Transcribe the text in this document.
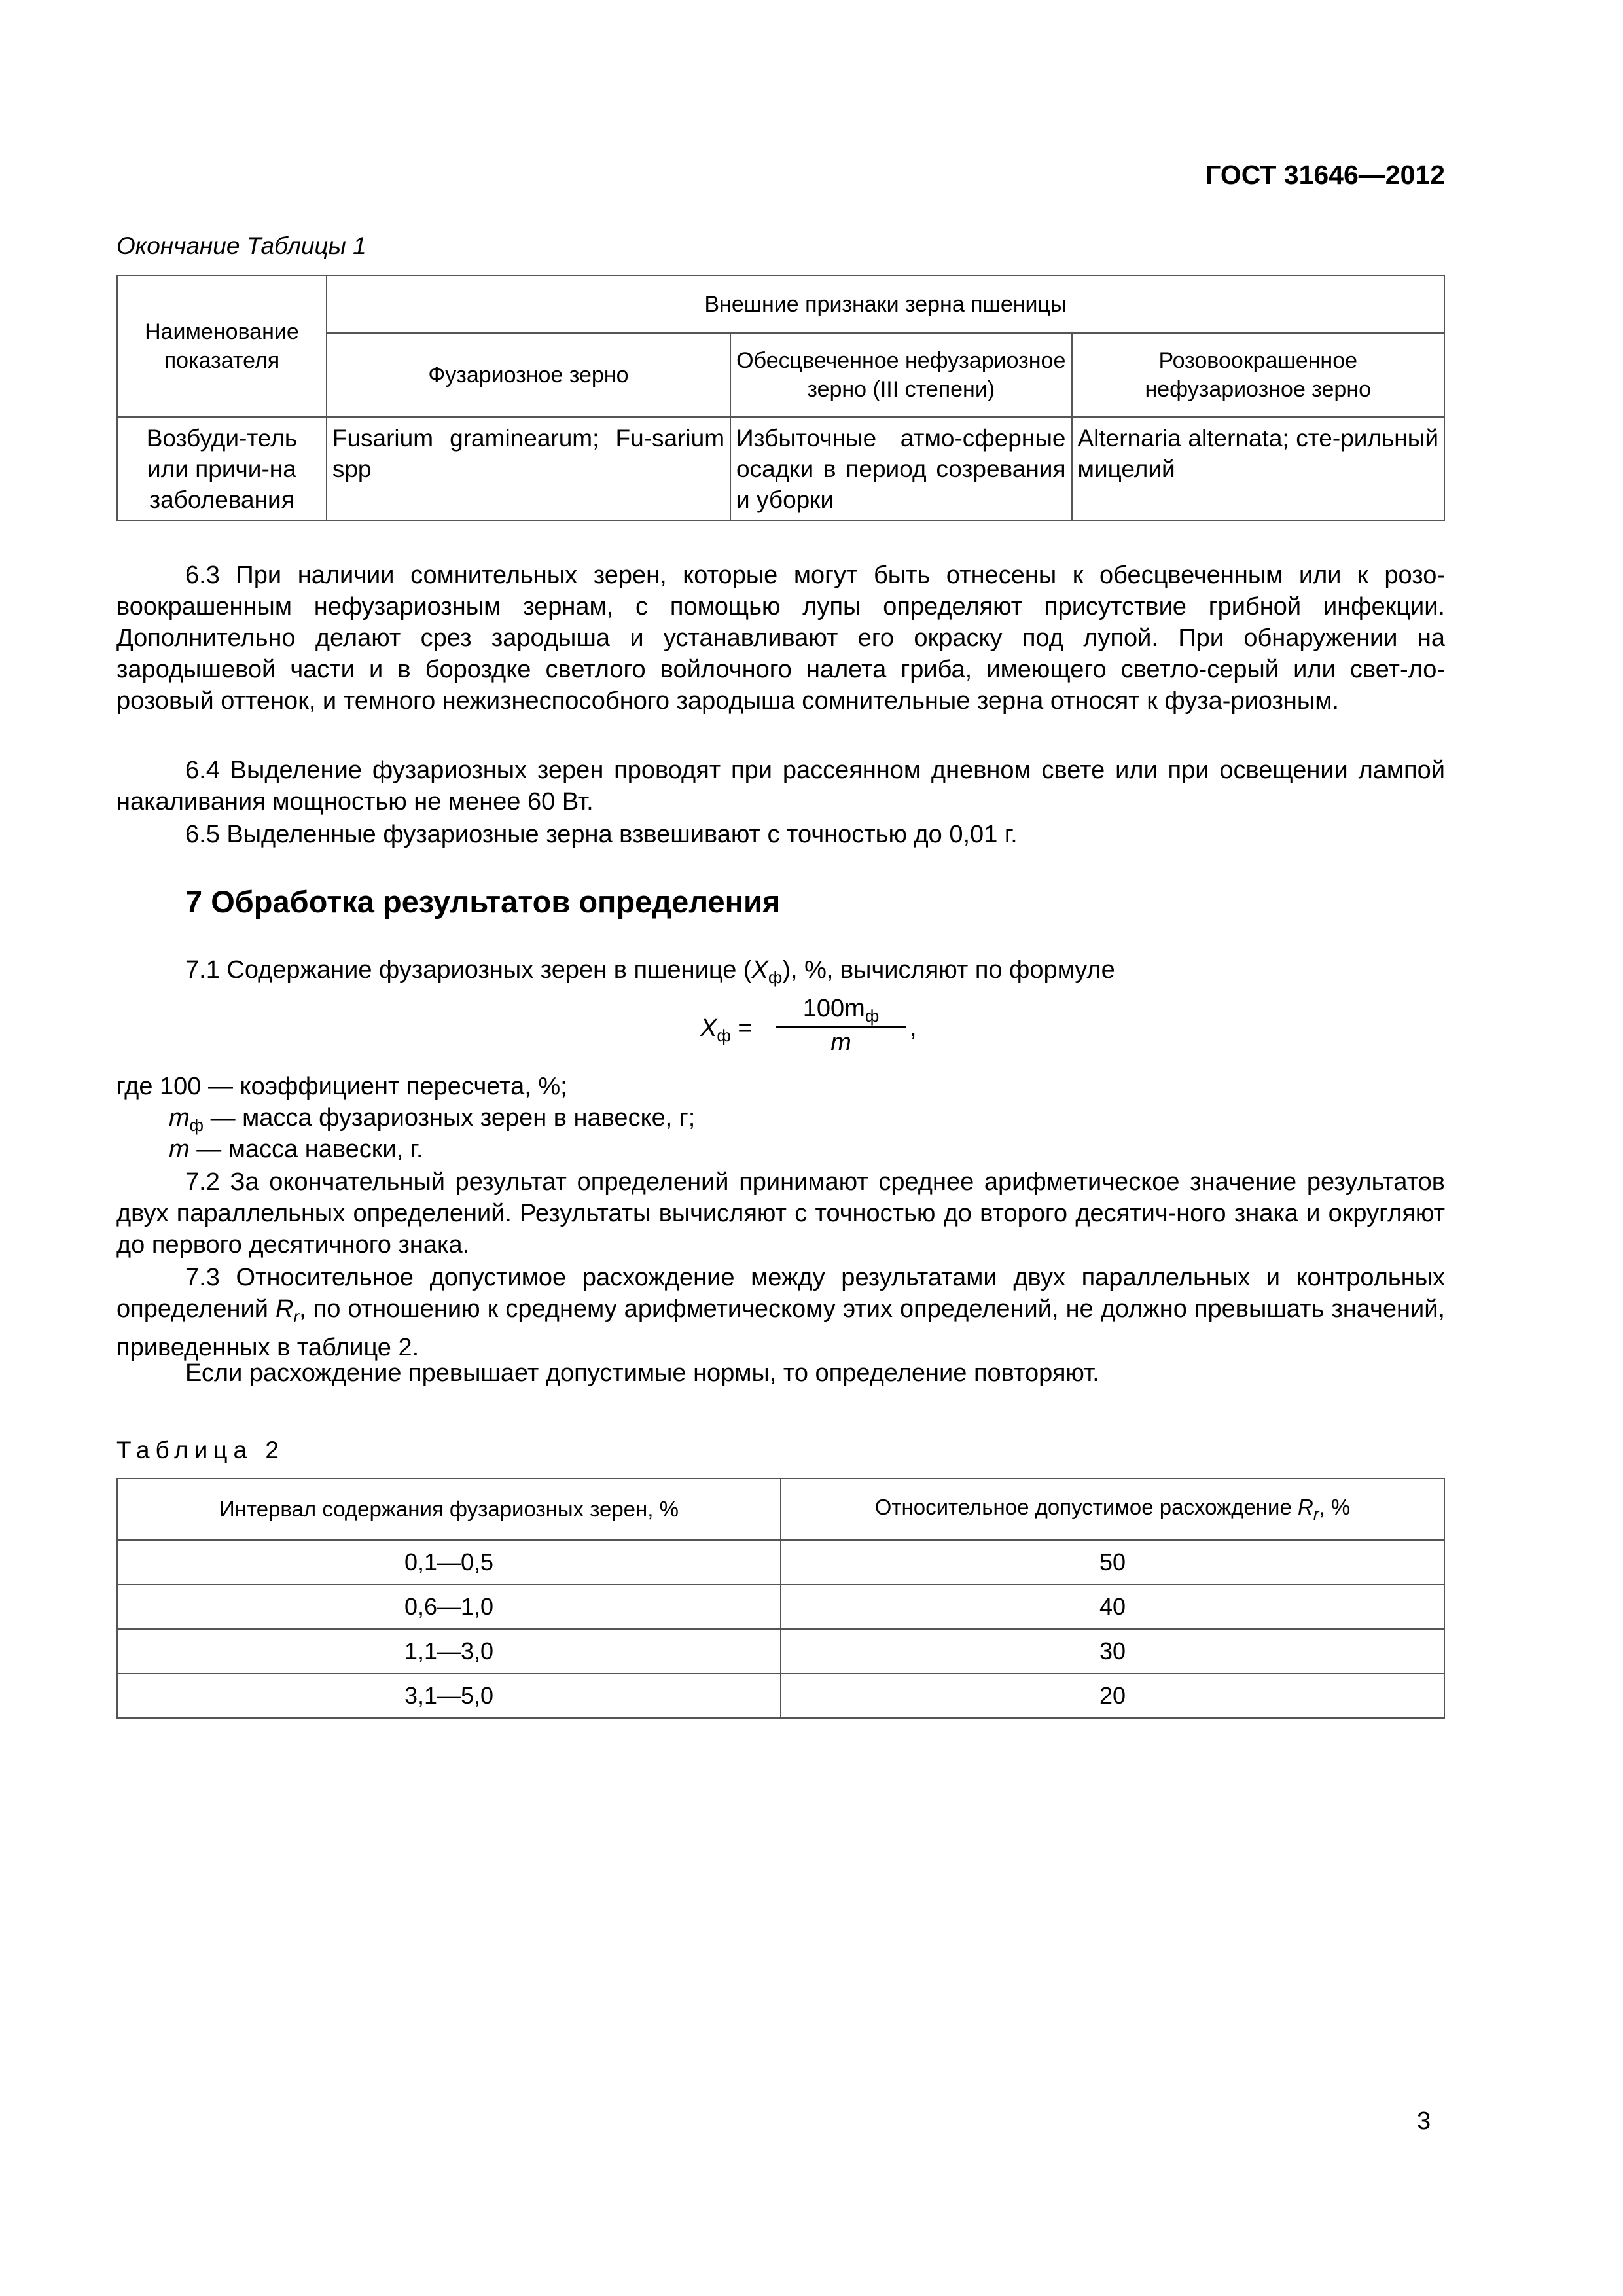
ГОСТ 31646—2012
Окончание Таблицы 1
Наименование показателя	Внешние признаки зерна пшеницы		
	Фузариозное зерно	Обесцвеченное нефузариозное зерно (III степени)	Розовоокрашенное нефузариозное зерно
Возбуди-тель или причи-на заболевания	Fusarium graminearum; Fu-sarium spp	Избыточные атмо-сферные осадки в период созревания и уборки	Alternaria alternata; сте-рильный мицелий
6.3 При наличии сомнительных зерен, которые могут быть отнесены к обесцвеченным или к розо-воокрашенным нефузариозным зернам, с помощью лупы определяют присутствие грибной инфекции. Дополнительно делают срез зародыша и устанавливают его окраску под лупой. При обнаружении на зародышевой части и в бороздке светлого войлочного налета гриба, имеющего светло-серый или свет-ло-розовый оттенок, и темного нежизнеспособного зародыша сомнительные зерна относят к фуза-риозным.
6.4 Выделение фузариозных зерен проводят при рассеянном дневном свете или при освещении лампой накаливания мощностью не менее 60 Вт.
6.5 Выделенные фузариозные зерна взвешивают с точностью до 0,01 г.
7 Обработка результатов определения
7.1 Содержание фузариозных зерен в пшенице $(X_ф)$, %, вычисляют по формуле
$X_ф$ =
$100m_ф$
m
,
где 100 — коэффициент пересчета, %;
$m_ф$ — масса фузариозных зерен в навеске, г;
m — масса навески, г.
7.2 За окончательный результат определений принимают среднее арифметическое значение результатов двух параллельных определений. Результаты вычисляют с точностью до второго десятич-ного знака и округляют до первого десятичного знака.
7.3 Относительное допустимое расхождение между результатами двух параллельных и контрольных определений $R_r$, по отношению к среднему арифметическому этих определений, не должно превышать значений, приведенных в таблице 2.
Если расхождение превышает допустимые нормы, то определение повторяют.
Таблица 2
Интервал содержания фузариозных зерен, %	Относительное допустимое расхождение $R_r$, %
0,1—0,5	50
0,6—1,0	40
1,1—3,0	30
3,1—5,0	20
3
